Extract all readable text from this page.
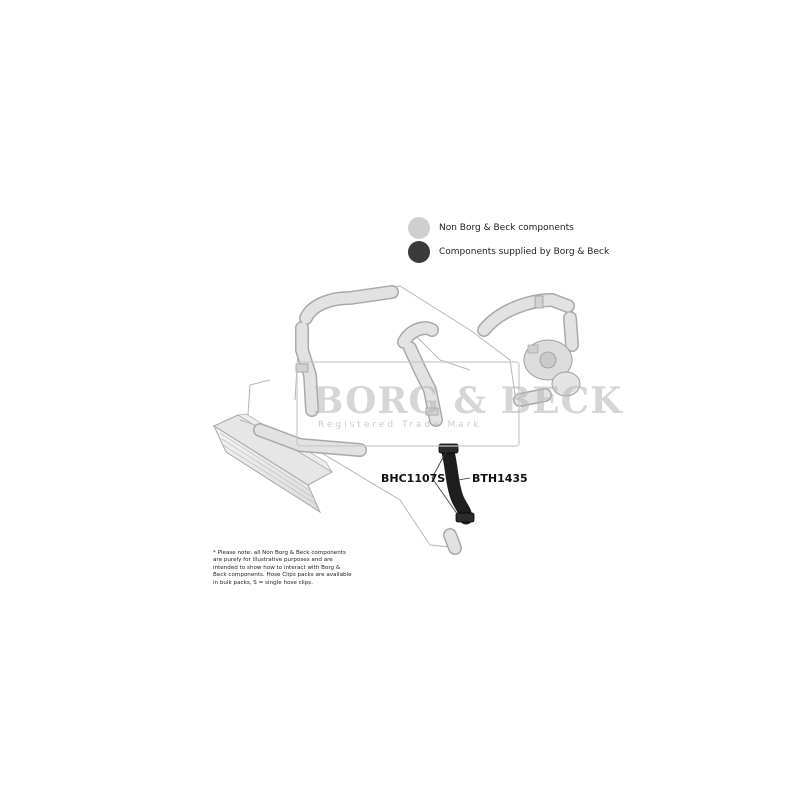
BORG & BECK
Registered Trade Mark
Non Borg & Beck components
Components supplied by Borg & Beck
BHC1107S BTH1435
* Please note: all Non Borg & Beck components are purely for illustrative purposes and are intended to show how to interact with Borg & Beck components. Hose Clips packs are available in bulk packs, S = single hose clips.
